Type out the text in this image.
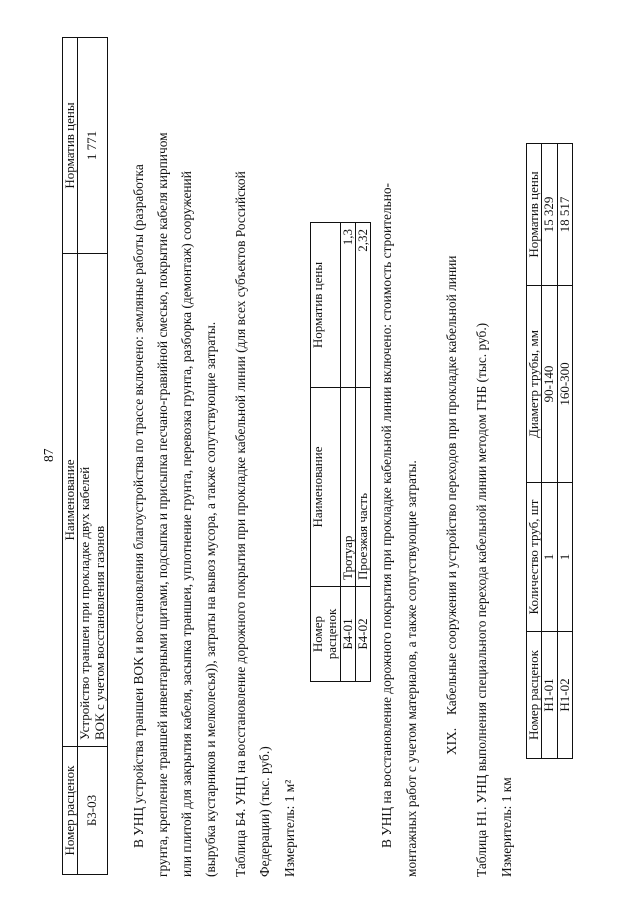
87
Номер расценок	Наименование	Норматив цены
Б3-03	Устройство траншеи при прокладке двух кабелей ВОК с учетом восстановления газонов	1 771
В УНЦ устройства траншеи ВОК и восстановления благоустройства по трассе включено: земляные работы (разработка грунта, крепление траншей инвентарными щитами, подсыпка и присыпка песчано-гравийной смесью, покрытие кабеля кирпичом или плитой для закрытия кабеля, засыпка траншеи, уплотнение грунта, перевозка грунта, разборка (демонтаж) сооружений (вырубка кустарников и мелколесья)), затраты на вывоз мусора, а также сопутствующие затраты. Таблица Б4. УНЦ на восстановление дорожного покрытия при прокладке кабельной линии (для всех субъектов Российской Федерации) (тыс. руб.) Измеритель: 1 м²
Номер расценок	Наименование	Норматив цены
Б4-01	Тротуар	1,3
Б4-02	Проезжая часть	2,32 В УНЦ на восстановление дорожного покрытия при прокладке кабельной линии включено: стоимость строительно- монтажных работ с учетом материалов, а также сопутствующие затраты. XIX.
Кабельные сооружения и устройство переходов при прокладке кабельной линии Таблица Н1. УНЦ выполнения специального перехода кабельной линии методом ГНБ (тыс. руб.) Измеритель: 1 км
Номер расценок	Количество труб, шт	Диаметр трубы, мм	Норматив цены
Н1-01	1	90-140	15 329
Н1-02	1	160-300	18 517
